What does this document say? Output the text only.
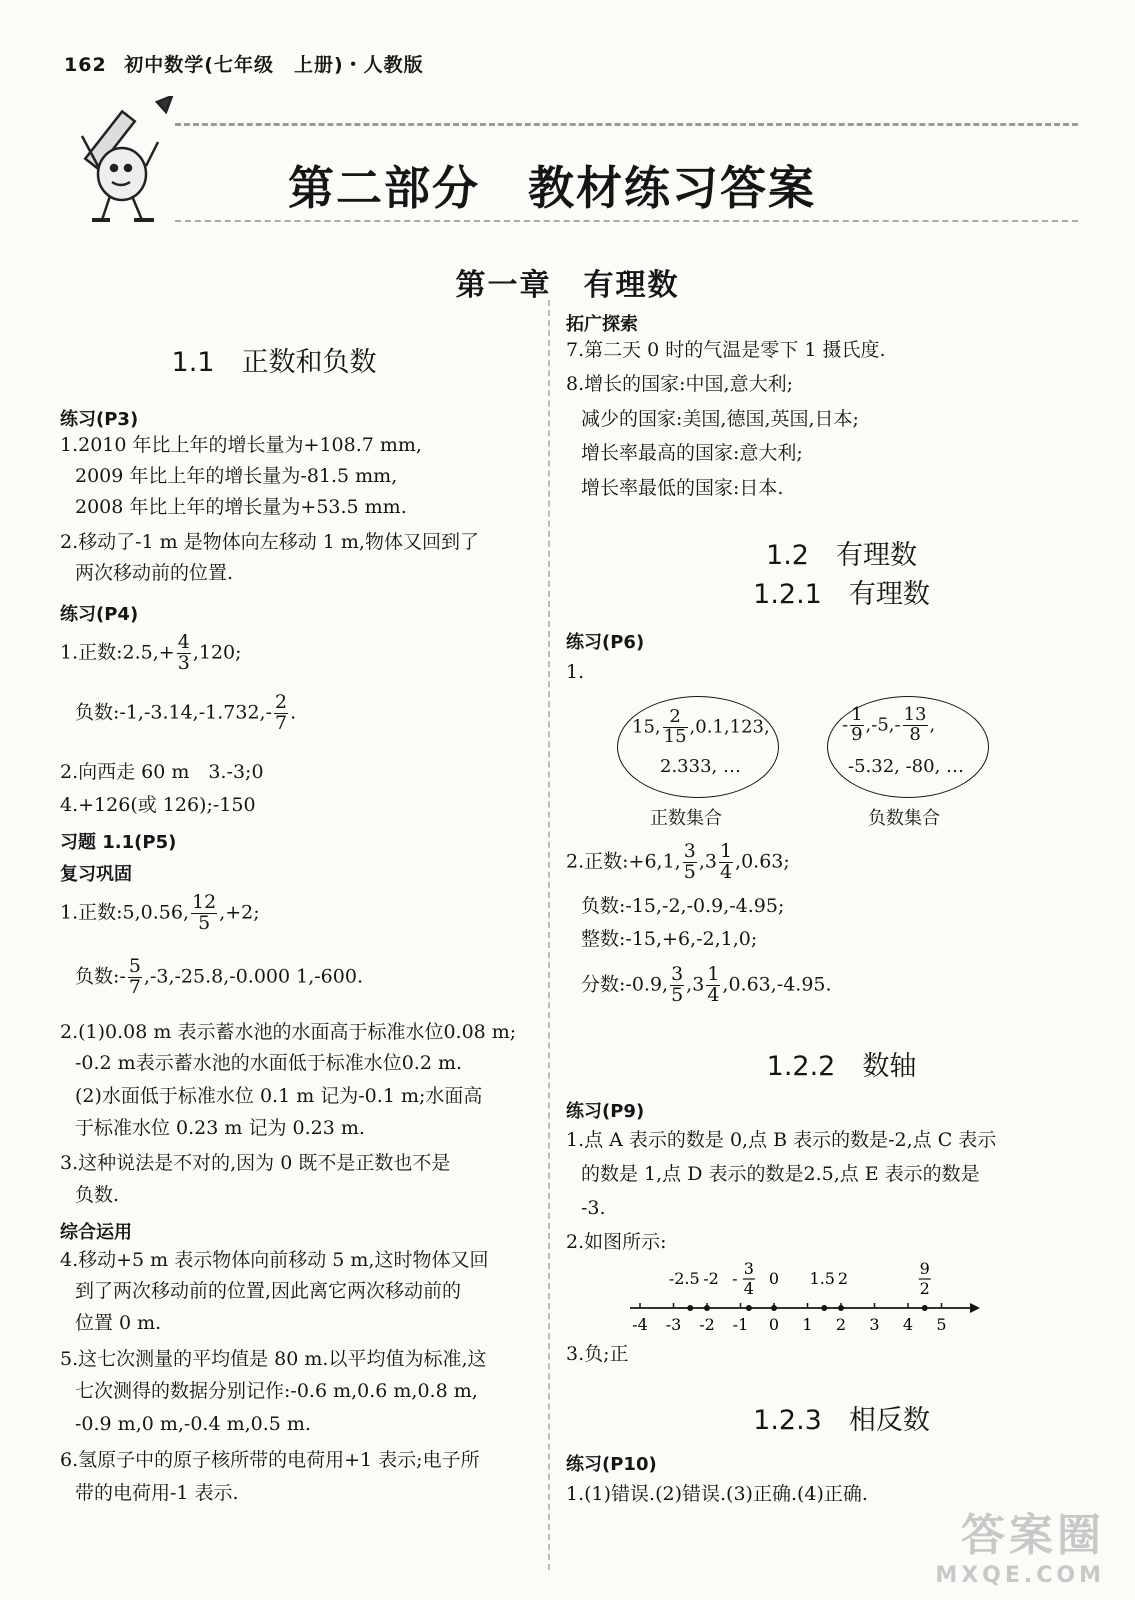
162 初中数学(七年级　上册)・人教版
第二部分　教材练习答案
第一章　有理数
1.1　正数和负数
练习(P3)
1.2010 年比上年的增长量为+108.7 mm,
2009 年比上年的增长量为-81.5 mm,
2008 年比上年的增长量为+53.5 mm.
2.移动了-1 m 是物体向左移动 1 m,物体又回到了
两次移动前的位置.
练习(P4)
1.正数:2.5,+ $\frac{4}{3} ,120$;
负数:-1,-3.14,-1.732,- $\frac{2}{7}$ .
2.向西走 60 m　3.-3;0
4.+126(或 126);-150
习题 1.1(P5)
复习巩固
1.正数:5,0.56, $\frac{12}{5} ,+2$;
负数:- $\frac{5}{7} ,-3,-25.8,-0.000$ 1,-600.
2.(1)0.08 m 表示蓄水池的水面高于标准水位0.08 m;
-0.2 m表示蓄水池的水面低于标准水位0.2 m.
(2)水面低于标准水位 0.1 m 记为-0.1 m;水面高
于标准水位 0.23 m 记为 0.23 m.
3.这种说法是不对的,因为 0 既不是正数也不是
负数.
综合运用
4.移动+5 m 表示物体向前移动 5 m,这时物体又回
到了两次移动前的位置,因此离它两次移动前的
位置 0 m.
5.这七次测量的平均值是 80 m.以平均值为标准,这
七次测得的数据分别记作:-0.6 m,0.6 m,0.8 m,
-0.9 m,0 m,-0.4 m,0.5 m.
6.氢原子中的原子核所带的电荷用+1 表示;电子所
带的电荷用-1 表示.
拓广探索
7.第二天 0 时的气温是零下 1 摄氏度.
8.增长的国家:中国,意大利;
减少的国家:美国,德国,英国,日本;
增长率最高的国家:意大利;
增长率最低的国家:日本.
1.2　有理数
1.2.1　有理数
练习(P6)
1.
15, $\frac{2}{15} ,0.1,123$,
2.333, …
正数集合
- $\frac{1}{9} ,-5,- \frac{13}{8}$ ,
-5.32, -80, …
负数集合
2.正数:+6,1, $\frac{3}{5} ,3 \frac{1}{4} ,0.63$;
负数:-15,-2,-0.9,-4.95;
整数:-15,+6,-2,1,0;
分数:-0.9, $\frac{3}{5} ,3 \frac{1}{4} ,0.63,-4.95$.
1.2.2　数轴
练习(P9)
1.点 A 表示的数是 0,点 B 表示的数是-2,点 C 表示
的数是 1,点 D 表示的数是2.5,点 E 表示的数是
-3.
2.如图所示:
-2.5 -2 -
3
4
0 1.5 2
9
2
-4 -3 -2 -1 0 1 2 3 4 5
3.负;正
1.2.3　相反数
练习(P10)
1.(1)错误.(2)错误.(3)正确.(4)正确.
答案圈
MXQE.COM
